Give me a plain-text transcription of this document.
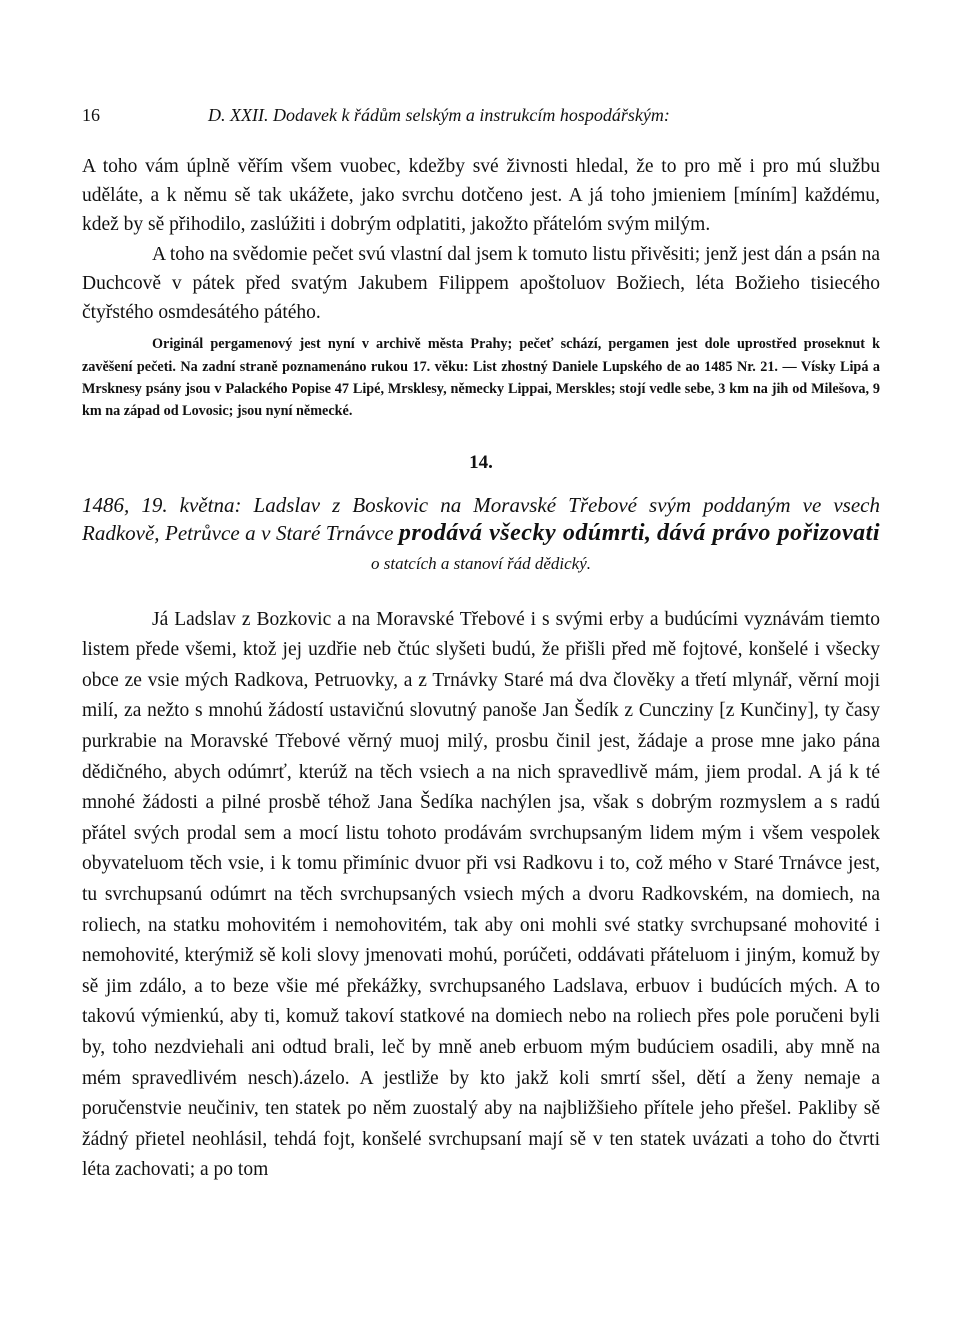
16	D. XXII. Dodavek k řádům selským a instrukcím hospodářským:

A toho vám úplně věřím všem vuobec, kdežby své živnosti hledal, že to pro mě i pro mú službu uděláte, a k němu sě tak ukážete, jako svrchu dotčeno jest. A já toho jmieniem [míním] každému, kdež by sě přihodilo, zaslúžiti i dobrým odplatiti, jakožto přátelóm svým milým.

A toho na svědomie pečet svú vlastní dal jsem k tomuto listu přivěsiti; jenž jest dán a psán na Duchcově v pátek před svatým Jakubem Filippem apoštoluov Božiech, léta Božieho tisiecého čtyřstého osmdesátého pátého.

Originál pergamenový jest nyní v archivě města Prahy; pečeť schází, pergamen jest dole uprostřed proseknut k zavěšení pečeti. Na zadní straně poznamenáno rukou 17. věku: List zhostný Daniele Lupského de ao 1485 Nr. 21. — Vísky Lipá a Mrsknesy psány jsou v Palackého Popise 47 Lipé, Mrsklesy, německy Lippai, Merskles; stojí vedle sebe, 3 km na jih od Milešova, 9 km na západ od Lovosic; jsou nyní německé.

14.
1486, 19. května: Ladslav z Boskovic na Moravské Třebové svým poddaným ve vsech Radkově, Petrůvce a v Staré Trnávce prodává všecky odúmrti, dává právo pořizovati o statcích a stanoví řád dědický.

Já Ladslav z Bozkovic a na Moravské Třebové i s svými erby a budúcími vyznávám tiemto listem přede všemi, ktož jej uzdřie neb čtúc slyšeti budú, že přišli před mě fojtové, konšelé i všecky obce ze vsie mých Radkova, Petruovky, a z Trnávky Staré má dva člověky a třetí mlynář, věrní moji milí, za nežto s mnohú žádostí ustavičnú slovutný panoše Jan Šedík z Cuncziny [z Kunčiny], ty časy purkrabie na Moravské Třebové věrný muoj milý, prosbu činil jest, žádaje a prose mne jako pána dědičného, abych odúmrť, kterúž na těch vsiech a na nich spravedlivě mám, jiem prodal. A já k té mnohé žádosti a pilné prosbě téhož Jana Šedíka nachýlen jsa, však s dobrým rozmyslem a s radú přátel svých prodal sem a mocí listu tohoto prodávám svrchupsaným lidem mým i všem vespolek obyvateluom těch vsie, i k tomu přimínic dvuor při vsi Radkovu i to, což mého v Staré Trnávce jest, tu svrchupsanú odúmrt na těch svrchupsaných vsiech mých a dvoru Radkovském, na domiech, na roliech, na statku mohovitém i nemohovitém, tak aby oni mohli své statky svrchupsané mohovité i nemohovité, kterýmiž sě koli slovy jmenovati mohú, porúčeti, oddávati přáteluom i jiným, komuž by sě jim zdálo, a to beze všie mé překážky, svrchupsaného Ladslava, erbuov i budúcích mých. A to takovú výmienkú, aby ti, komuž takoví statkové na domiech nebo na roliech přes pole poručeni byli by, toho nezdviehali ani odtud brali, leč by mně aneb erbuom mým budúciem osadili, aby mně na mém spravedlivém nesch).ázelo. A jestližе by kto jakž koli smrtí sšel, dětí a ženy nemaje a poručenstvie neučiniv, ten statek po něm zuostalý aby na najbližšieho přítele jeho přešel. Pakliby sě žádný přietel neohlásil, tehdá fojt, konšelé svrchupsaní mají sě v ten statek uvázati a toho do čtvrti léta zachovati; a po tom
